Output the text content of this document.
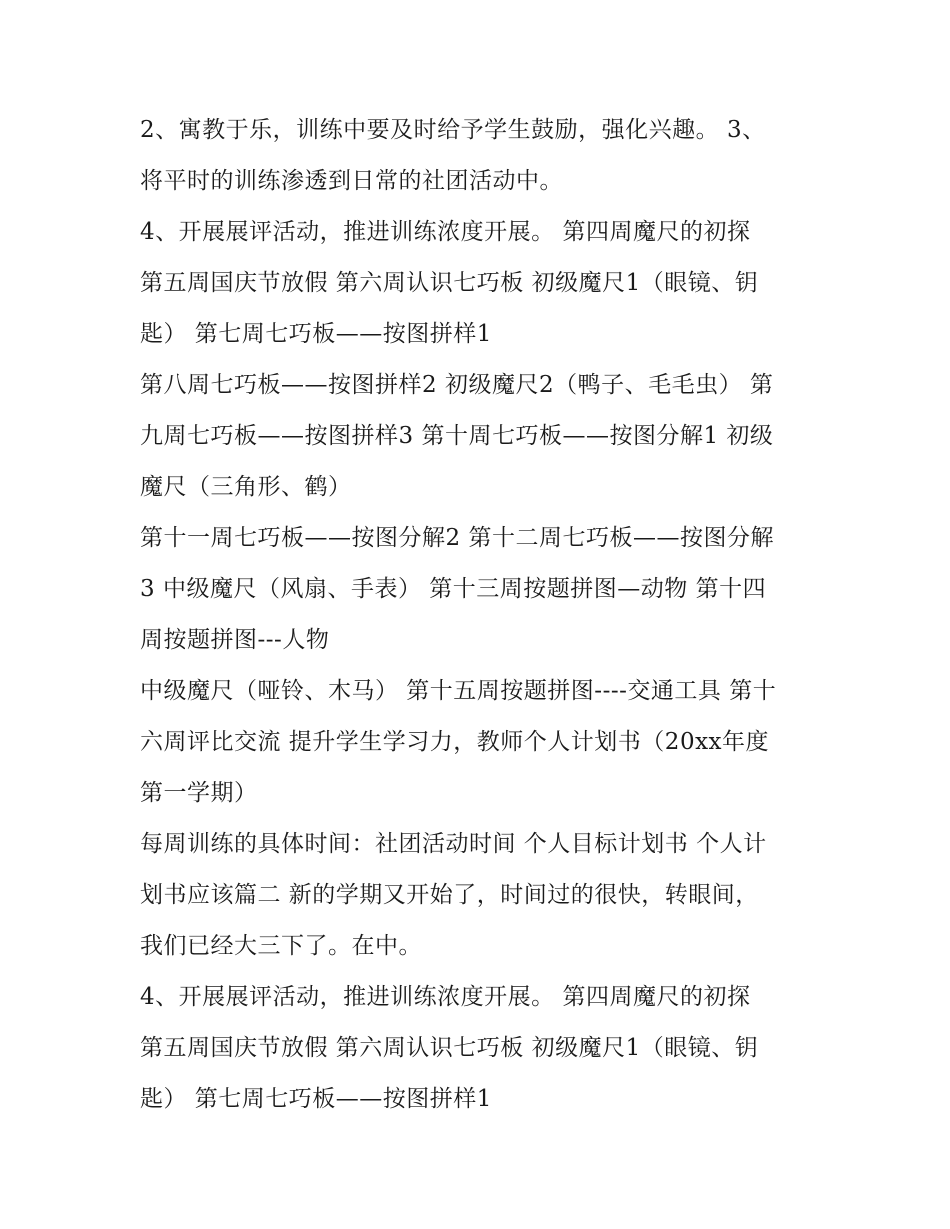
2、寓教于乐，训练中要及时给予学生鼓励，强化兴趣。 3、
将平时的训练渗透到日常的社团活动中。
4、开展展评活动，推进训练浓度开展。 第四周魔尺的初探
第五周国庆节放假 第六周认识七巧板 初级魔尺1（眼镜、钥
匙） 第七周七巧板——按图拼样1
第八周七巧板——按图拼样2 初级魔尺2（鸭子、毛毛虫） 第
九周七巧板——按图拼样3 第十周七巧板——按图分解1 初级
魔尺（三角形、鹤）
第十一周七巧板——按图分解2 第十二周七巧板——按图分解
3 中级魔尺（风扇、手表） 第十三周按题拼图—动物 第十四
周按题拼图---人物
中级魔尺（哑铃、木马） 第十五周按题拼图----交通工具 第十
六周评比交流 提升学生学习力，教师个人计划书（20xx年度
第一学期）
每周训练的具体时间：社团活动时间 个人目标计划书 个人计
划书应该篇二 新的学期又开始了，时间过的很快，转眼间，
我们已经大三下了。在中。
4、开展展评活动，推进训练浓度开展。 第四周魔尺的初探
第五周国庆节放假 第六周认识七巧板 初级魔尺1（眼镜、钥
匙） 第七周七巧板——按图拼样1
